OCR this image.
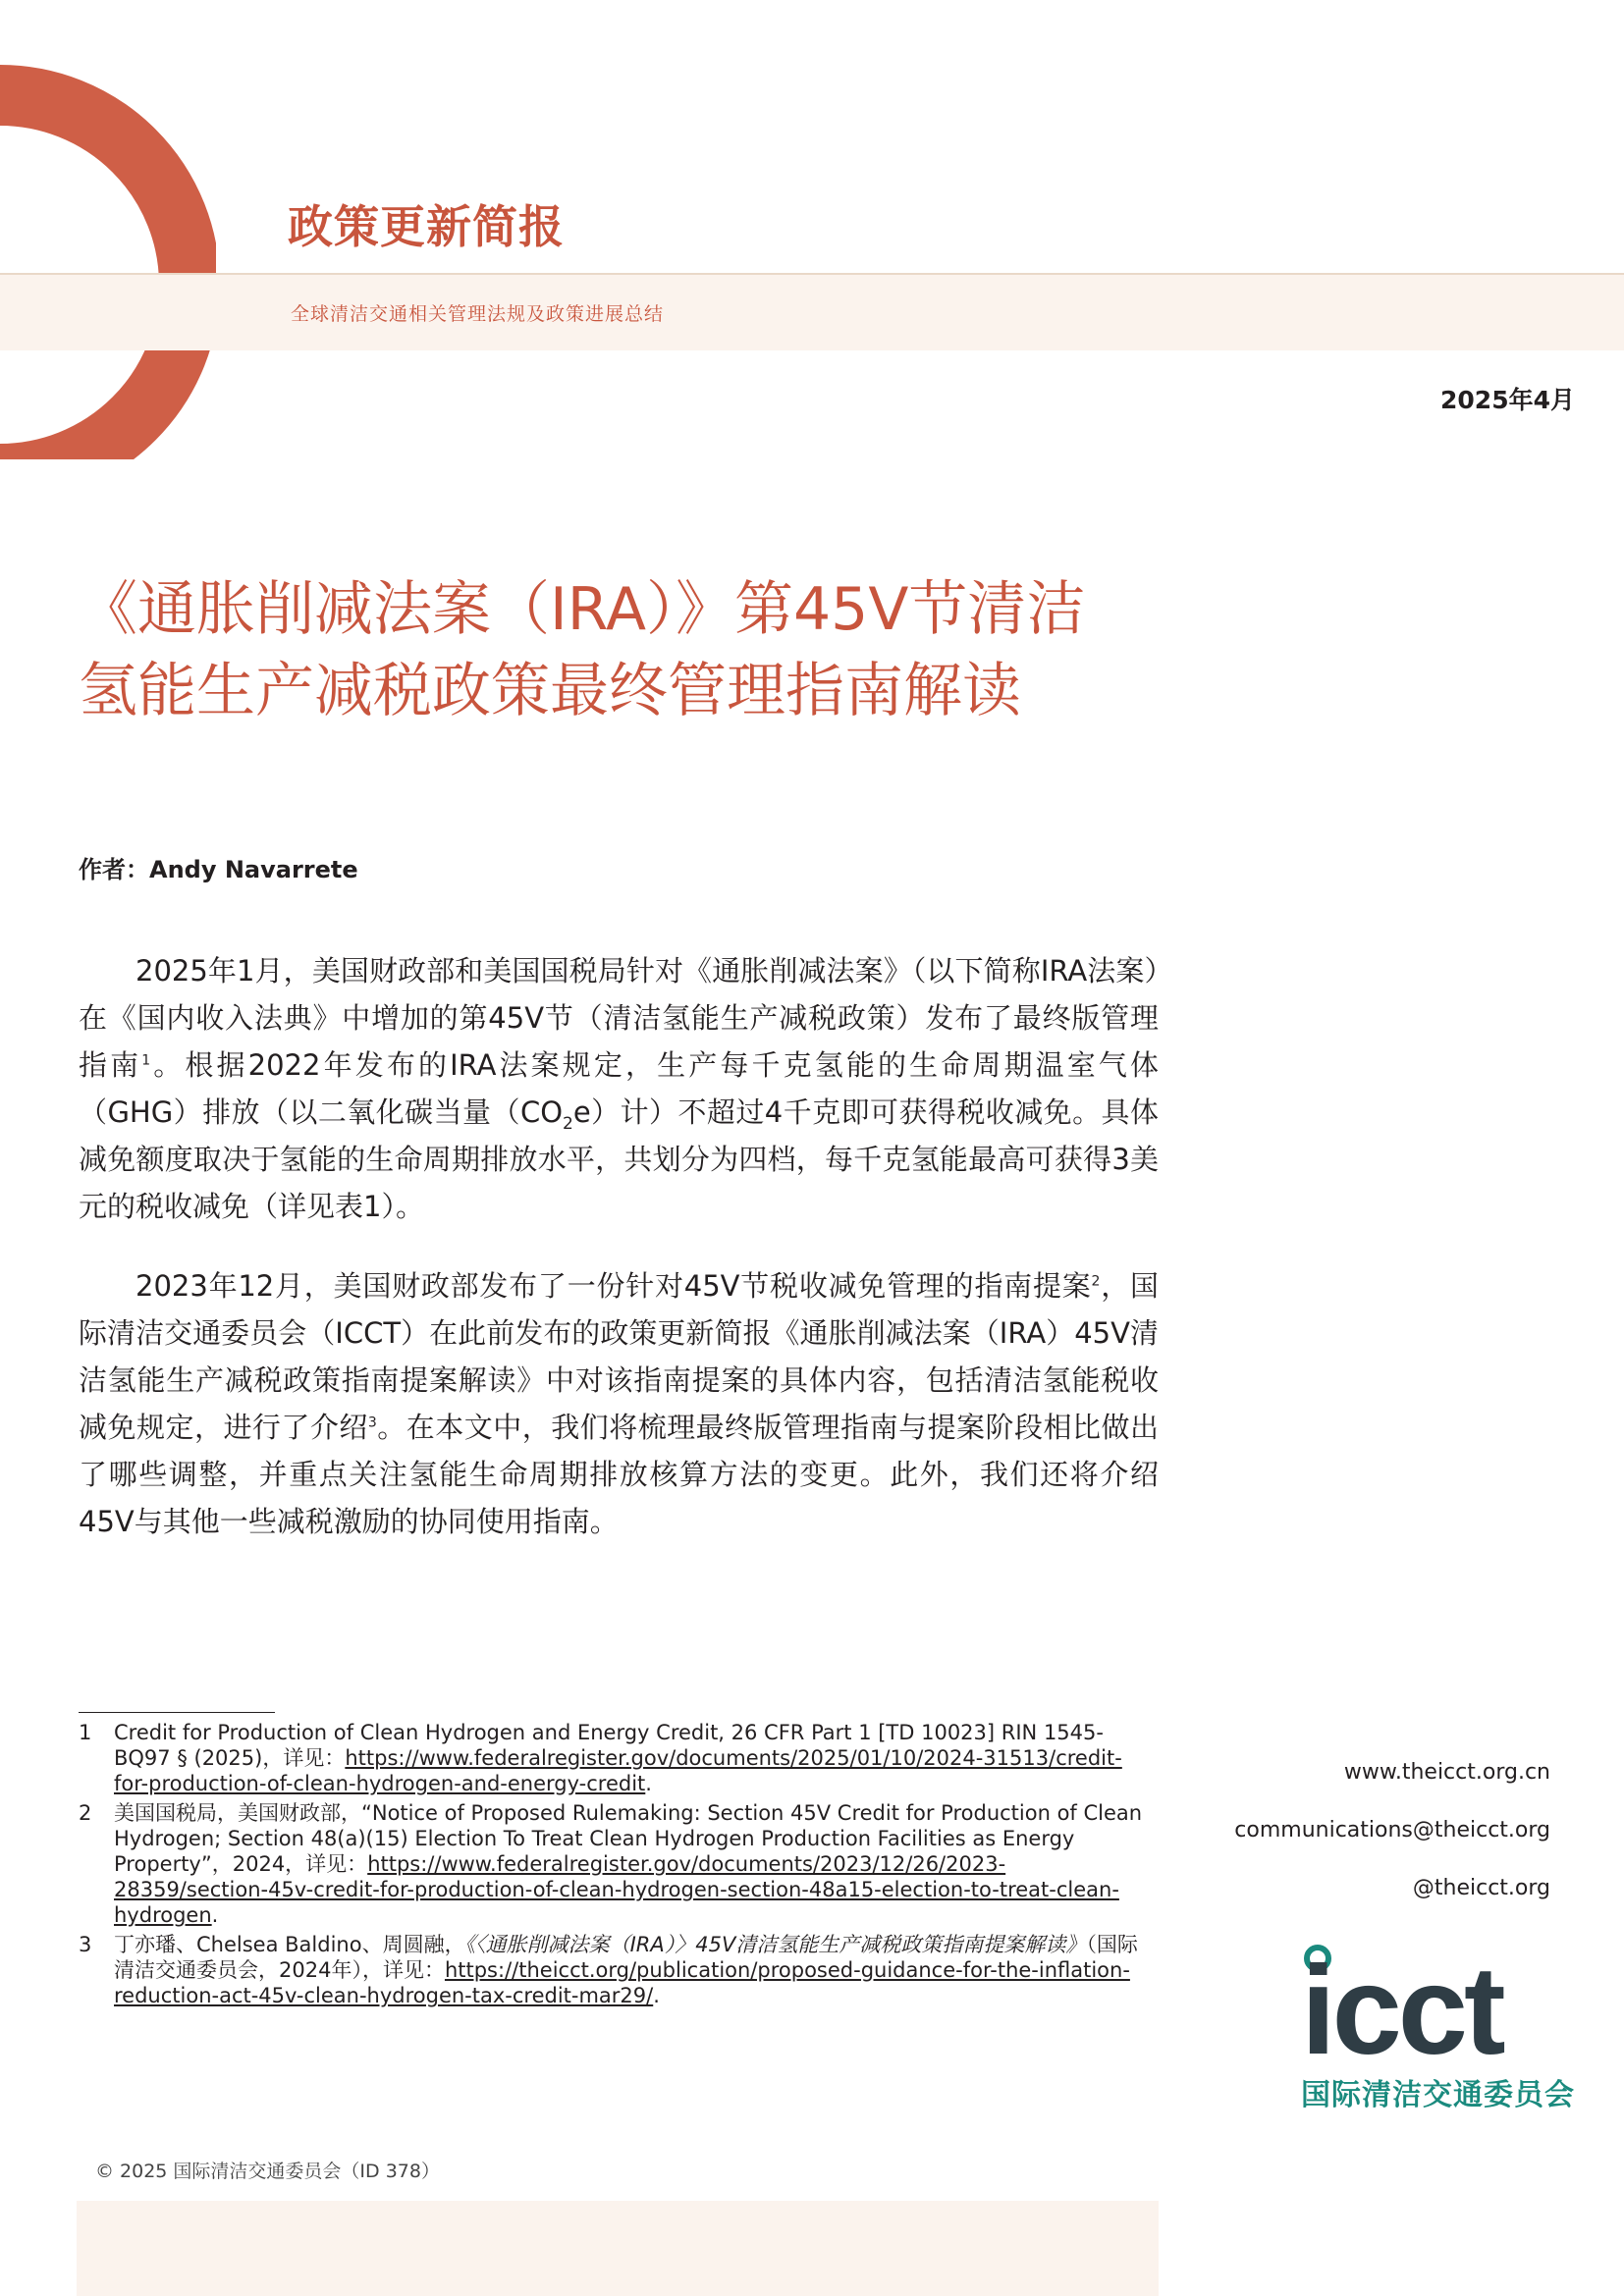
政策更新简报
全球清洁交通相关管理法规及政策进展总结
2025年4月
《通胀削减法案（IRA）》第45V节清洁
氢能生产减税政策最终管理指南解读
作者：Andy Navarrete

2025年1月，美国财政部和美国国税局针对《通胀削减法案》（以下简称IRA法案）在《国内收入法典》中增加的第45V节（清洁氢能生产减税政策）发布了最终版管理指南$^1$。根据2022年发布的IRA法案规定，生产每千克氢能的生命周期温室气体（GHG）排放（以二氧化碳当量$(CO_2e)$计）不超过4千克即可获得税收减免。具体减免额度取决于氢能的生命周期排放水平，共划分为四档，每千克氢能最高可获得3美元的税收减免（详见表1）。

2023年12月，美国财政部发布了一份针对45V节税收减免管理的指南提案$^2$，国际清洁交通委员会（ICCT）在此前发布的政策更新简报《通胀削减法案（IRA）45V清洁氢能生产减税政策指南提案解读》中对该指南提案的具体内容，包括清洁氢能税收减免规定，进行了介绍$^3$。在本文中，我们将梳理最终版管理指南与提案阶段相比做出了哪些调整，并重点关注氢能生命周期排放核算方法的变更。此外，我们还将介绍45V与其他一些减税激励的协同使用指南。

1 Credit for Production of Clean Hydrogen and Energy Credit, 26 CFR Part 1 [TD 10023] RIN 1545-BQ97 § (2025)，详见：https://www.federalregister.gov/documents/2025/01/10/2024-31513/credit-for-production-of-clean-hydrogen-and-energy-credit.
2 美国国税局，美国财政部，“Notice of Proposed Rulemaking: Section 45V Credit for Production of Clean Hydrogen; Section 48(a)(15) Election To Treat Clean Hydrogen Production Facilities as Energy Property”，2024，详见：https://www.federalregister.gov/documents/2023/12/26/2023-28359/section-45v-credit-for-production-of-clean-hydrogen-section-48a15-election-to-treat-clean-hydrogen.
3 丁亦璠、Chelsea Baldino、周圆融，《〈通胀削减法案（IRA）〉45V清洁氢能生产减税政策指南提案解读》（国际清洁交通委员会，2024年），详见：https://theicct.org/publication/proposed-guidance-for-the-inflation-reduction-act-45v-clean-hydrogen-tax-credit-mar29/.
www.theicct.org.cn
communications@theicct.org
@theicct.org
icct
国际清洁交通委员会
© 2025 国际清洁交通委员会（ID 378）
